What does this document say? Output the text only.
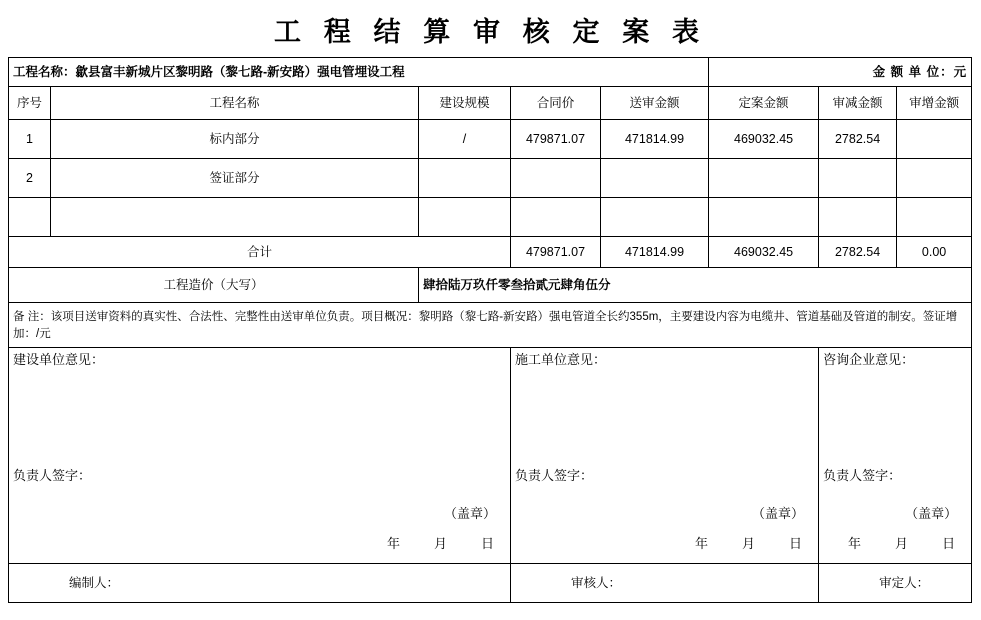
工 程 结 算 审 核 定 案 表
工程名称：歙县富丰新城片区黎明路（黎七路-新安路）强电管埋设工程					金 额 单 位：元		
序号	工程名称	建设规模	合同价	送审金额	定案金额	审减金额	审增金额
1	标内部分	/	479871.07	471814.99	469032.45	2782.54	
2	签证部分						

合计			479871.07	471814.99	469032.45	2782.54	0.00
工程造价（大写）		肆拾陆万玖仟零叁拾贰元肆角伍分					
备 注：该项目送审资料的真实性、合法性、完整性由送审单位负责。项目概况：黎明路（黎七路-新安路）强电管道全长约355m，主要建设内容为电缆井、管道基础及管道的制安。签证增加：/元							

建设单位意见：
负责人签字：
（盖章）
年	月	日

施工单位意见：
负责人签字：
（盖章）
年	月	日

咨询企业意见：
负责人签字：
（盖章）
年	月	日

编制人：			审核人：			审定人：	
